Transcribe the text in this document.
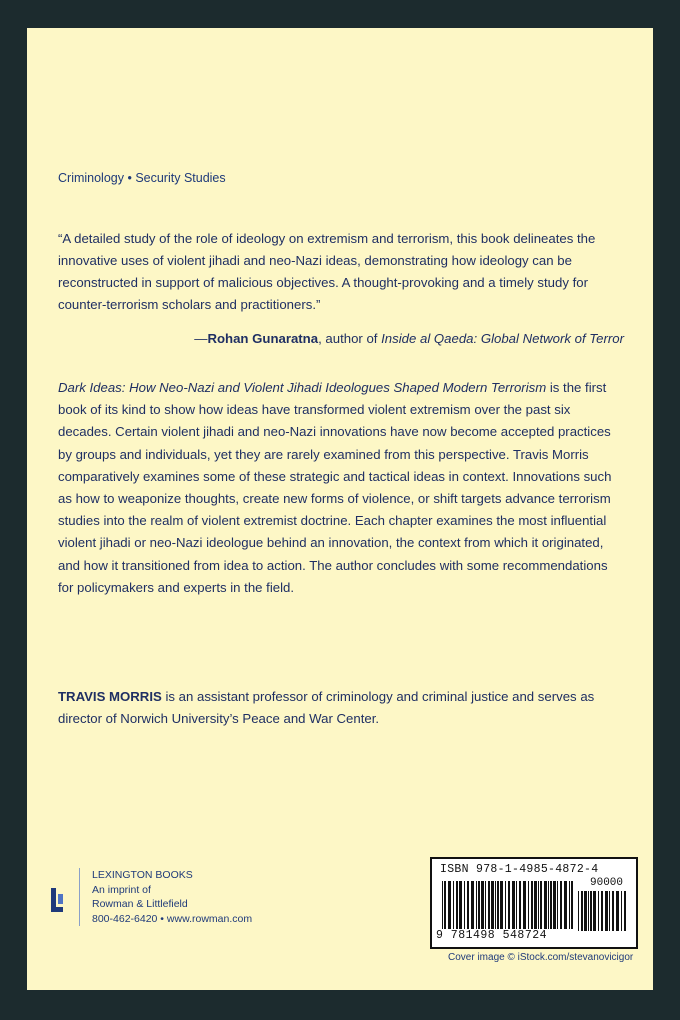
Criminology • Security Studies
“A detailed study of the role of ideology on extremism and terrorism, this book delineates the innovative uses of violent jihadi and neo-Nazi ideas, demonstrating how ideology can be reconstructed in support of malicious objectives. A thought-provoking and a timely study for counter-terrorism scholars and practitioners.”
—Rohan Gunaratna, author of Inside al Qaeda: Global Network of Terror
Dark Ideas: How Neo-Nazi and Violent Jihadi Ideologues Shaped Modern Terrorism is the first book of its kind to show how ideas have transformed violent extremism over the past six decades. Certain violent jihadi and neo-Nazi innovations have now become accepted practices by groups and individuals, yet they are rarely examined from this perspective. Travis Morris comparatively examines some of these strategic and tactical ideas in context. Innovations such as how to weaponize thoughts, create new forms of violence, or shift targets advance terrorism studies into the realm of violent extremist doctrine. Each chapter examines the most influential violent jihadi or neo-Nazi ideologue behind an innovation, the context from which it originated, and how it transitioned from idea to action. The author concludes with some recommendations for policymakers and experts in the field.
TRAVIS MORRIS is an assistant professor of criminology and criminal justice and serves as director of Norwich University’s Peace and War Center.
LEXINGTON BOOKS
An imprint of
Rowman & Littlefield
800-462-6420 • www.rowman.com
ISBN 978-1-4985-4872-4
90000
9 781498 548724
Cover image © iStock.com/stevanovicigor
